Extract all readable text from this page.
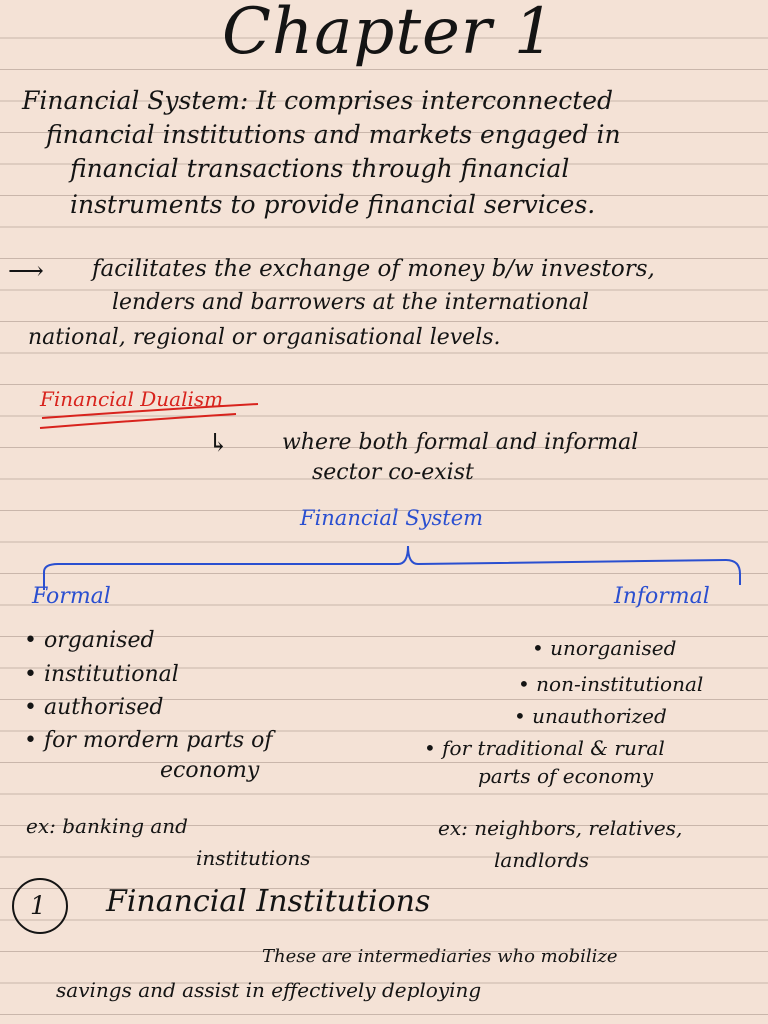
Chapter 1
Financial System: It comprises interconnected
financial institutions and markets engaged in
financial transactions through financial
instruments to provide financial services.
⟶ facilitates the exchange of money b/w investors,
lenders and barrowers at the international
national, regional or organisational levels.
Financial Dualism
↳ where both formal and informal
sector co-exist
Financial System
Formal
• organised
• institutional
• authorised
• for mordern parts of
economy
ex: banking and
institutions
Informal
• unorganised
• non-institutional
• unauthorized
• for traditional & rural
parts of economy
ex: neighbors, relatives,
landlords
1 Financial Institutions
These are intermediaries who mobilize
savings and assist in effectively deploying
